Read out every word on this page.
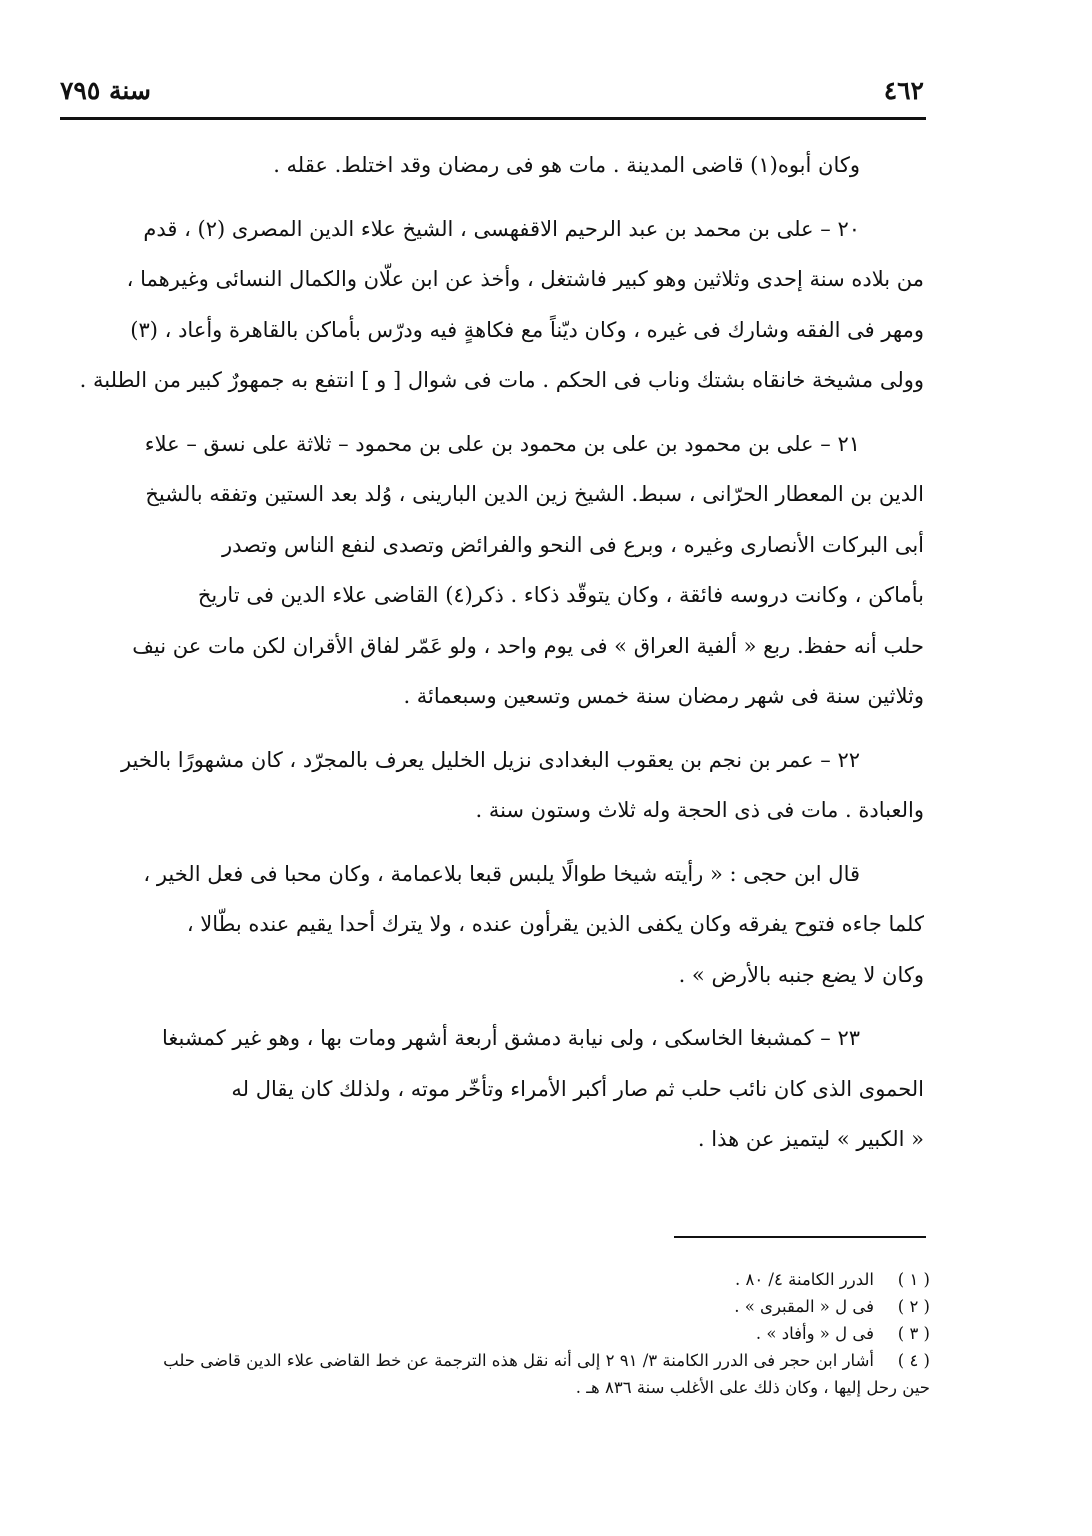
٤٦٢
سنة ٧٩٥

وكان أبوه(١) قاضى المدينة . مات هو فى رمضان وقد اختلط. عقله .

٢٠ – على بن محمد بن عبد الرحيم الاقفهسى ، الشيخ علاء الدين المصرى (٢) ، قدم
من بلاده سنة إحدى وثلاثين وهو كبير فاشتغل ، وأخذ عن ابن علّان والكمال النسائى وغيرهما ،
ومهر فى الفقه وشارك فى غيره ، وكان ديّناً مع فكاهةٍ فيه ودرّس بأماكن بالقاهرة وأعاد ، (٣)
وولى مشيخة خانقاه بشتك وناب فى الحكم . مات فى شوال [ و ] انتفع به جمهورٌ كبير من الطلبة .

٢١ – على بن محمود بن على بن محمود بن على بن محمود – ثلاثة على نسق – علاء
الدين بن المعطار الحرّانى ، سبط. الشيخ زين الدين البارينى ، وُلد بعد الستين وتفقه بالشيخ
أبى البركات الأنصارى وغيره ، وبرع فى النحو والفرائض وتصدى لنفع الناس وتصدر
بأماكن ، وكانت دروسه فائقة ، وكان يتوقّد ذكاء . ذكر(٤) القاضى علاء الدين فى تاريخ
حلب أنه حفظ. ربع « ألفية العراق » فى يوم واحد ، ولو عَمّر لفاق الأقران لكن مات عن نيف
وثلاثين سنة فى شهر رمضان سنة خمس وتسعين وسبعمائة .

٢٢ – عمر بن نجم بن يعقوب البغدادى نزيل الخليل يعرف بالمجرّد ، كان مشهورًا بالخير
والعبادة . مات فى ذى الحجة وله ثلاث وستون سنة .

قال ابن حجى : « رأيته شيخا طوالًا يلبس قبعا بلاعمامة ، وكان محبا فى فعل الخير ،
كلما جاءه فتوح يفرقه وكان يكفى الذين يقرأون عنده ، ولا يترك أحدا يقيم عنده بطّالا ،
وكان لا يضع جنبه بالأرض » .

٢٣ – كمشبغا الخاسكى ، ولى نيابة دمشق أربعة أشهر ومات بها ، وهو غير كمشبغا
الحموى الذى كان نائب حلب ثم صار أكبر الأمراء وتأخّر موته ، ولذلك كان يقال له
« الكبير » ليتميز عن هذا .

( ١ )
الدرر الكامنة ٤/ ٨٠ .
( ٢ )
فى ل « المقبرى » .
( ٣ )
فى ل « وأفاد » .
( ٤ )
أشار ابن حجر فى الدرر الكامنة ٣/ ٩١ ٢ إلى أنه نقل هذه الترجمة عن خط القاضى علاء الدين قاضى حلب
حين رحل إليها ، وكان ذلك على الأغلب سنة ٨٣٦ هـ .
